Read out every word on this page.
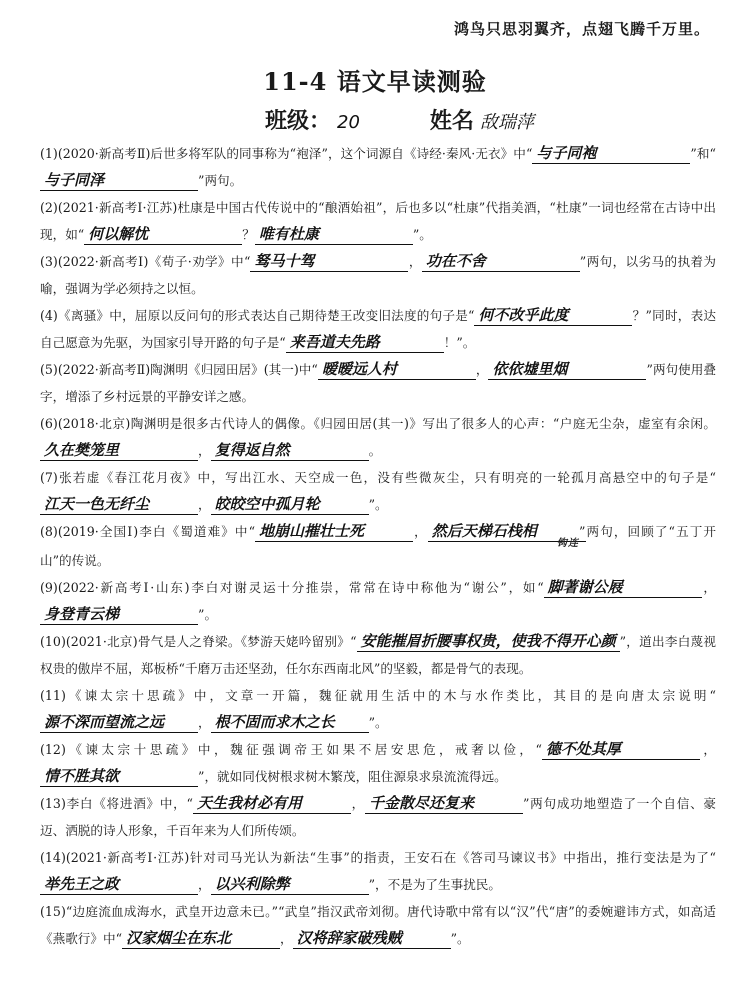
鸿鸟只思羽翼齐，点翅飞腾千万里。
11-4 语文早读测验
班级： 20	姓名 敌瑞萍

(1)(2020·新高考Ⅱ)后世多将军队的同事称为“袍泽”，这个词源自《诗经·秦风·无衣》中“ 与子同袍	”和“与子同泽	”两句。

(2)(2021·新高考Ⅰ·江苏)杜康是中国古代传说中的“酿酒始祖”，后也多以“杜康”代指美酒，“杜康”一词也经常在古诗中出现，如“ 何以解忧	？ 唯有杜康	”。

(3)(2022·新高考Ⅰ)《荀子·劝学》中“ 驽马十驾	， 功在不舍	”两句，以劣马的执着为喻，强调为学必须持之以恒。

(4)《离骚》中，屈原以反问句的形式表达自己期待楚王改变旧法度的句子是“ 何不改乎此度	？”同时，表达自己愿意为先驱，为国家引导开路的句子是“ 来吾道夫先路	！”。

(5)(2022·新高考Ⅱ)陶渊明《归园田居》(其一)中“ 暧暧远人村	， 依依墟里烟	”两句使用叠字，增添了乡村远景的平静安详之感。

(6)(2018·北京)陶渊明是很多古代诗人的偶像。《归园田居(其一)》写出了很多人的心声：“户庭无尘杂，虚室有余闲。久在樊笼里	， 复得返自然	。

(7)张若虚《春江花月夜》中，写出江水、天空成一色，没有些微灰尘，只有明亮的一轮孤月高悬空中的句子是“江天一色无纤尘	， 皎皎空中孤月轮	”。

(8)(2019·全国Ⅰ)李白《蜀道难》中“ 地崩山摧壮士死	， 然后天梯石栈相$_{钩连}$”两句，回顾了“五丁开山”的传说。

(9)(2022·新高考Ⅰ·山东)李白对谢灵运十分推崇，常常在诗中称他为“谢公”，如“ 脚著谢公屐	，身登青云梯	”。

(10)(2021·北京)骨气是人之脊梁。《梦游天姥吟留别》“ 安能摧眉折腰事权贵，使我不得开心颜 ”，道出李白蔑视权贵的傲岸不屈，郑板桥“千磨万击还坚劲，任尔东西南北风”的坚毅，都是骨气的表现。

(11)《谏太宗十思疏》中，文章一开篇，魏征就用生活中的木与水作类比，其目的是向唐太宗说明“源不深而望流之远	， 根不固而求木之长	”。

(12)《谏太宗十思疏》中，魏征强调帝王如果不居安思危，戒奢以俭，“ 德不处其厚	，情不胜其欲	”，就如同伐树根求树木繁茂，阻住源泉求泉流流得远。

(13)李白《将进酒》中，“ 天生我材必有用	， 千金散尽还复来	”两句成功地塑造了一个自信、豪迈、洒脱的诗人形象，千百年来为人们所传颂。

(14)(2021·新高考Ⅰ·江苏)针对司马光认为新法“生事”的指责，王安石在《答司马谏议书》中指出，推行变法是为了“举先王之政	， 以兴利除弊	”，不是为了生事扰民。

(15)“边庭流血成海水，武皇开边意未已。”“武皇”指汉武帝刘彻。唐代诗歌中常有以“汉”代“唐”的委婉避讳方式，如高适《燕歌行》中“ 汉家烟尘在东北	， 汉将辞家破残贼	”。
